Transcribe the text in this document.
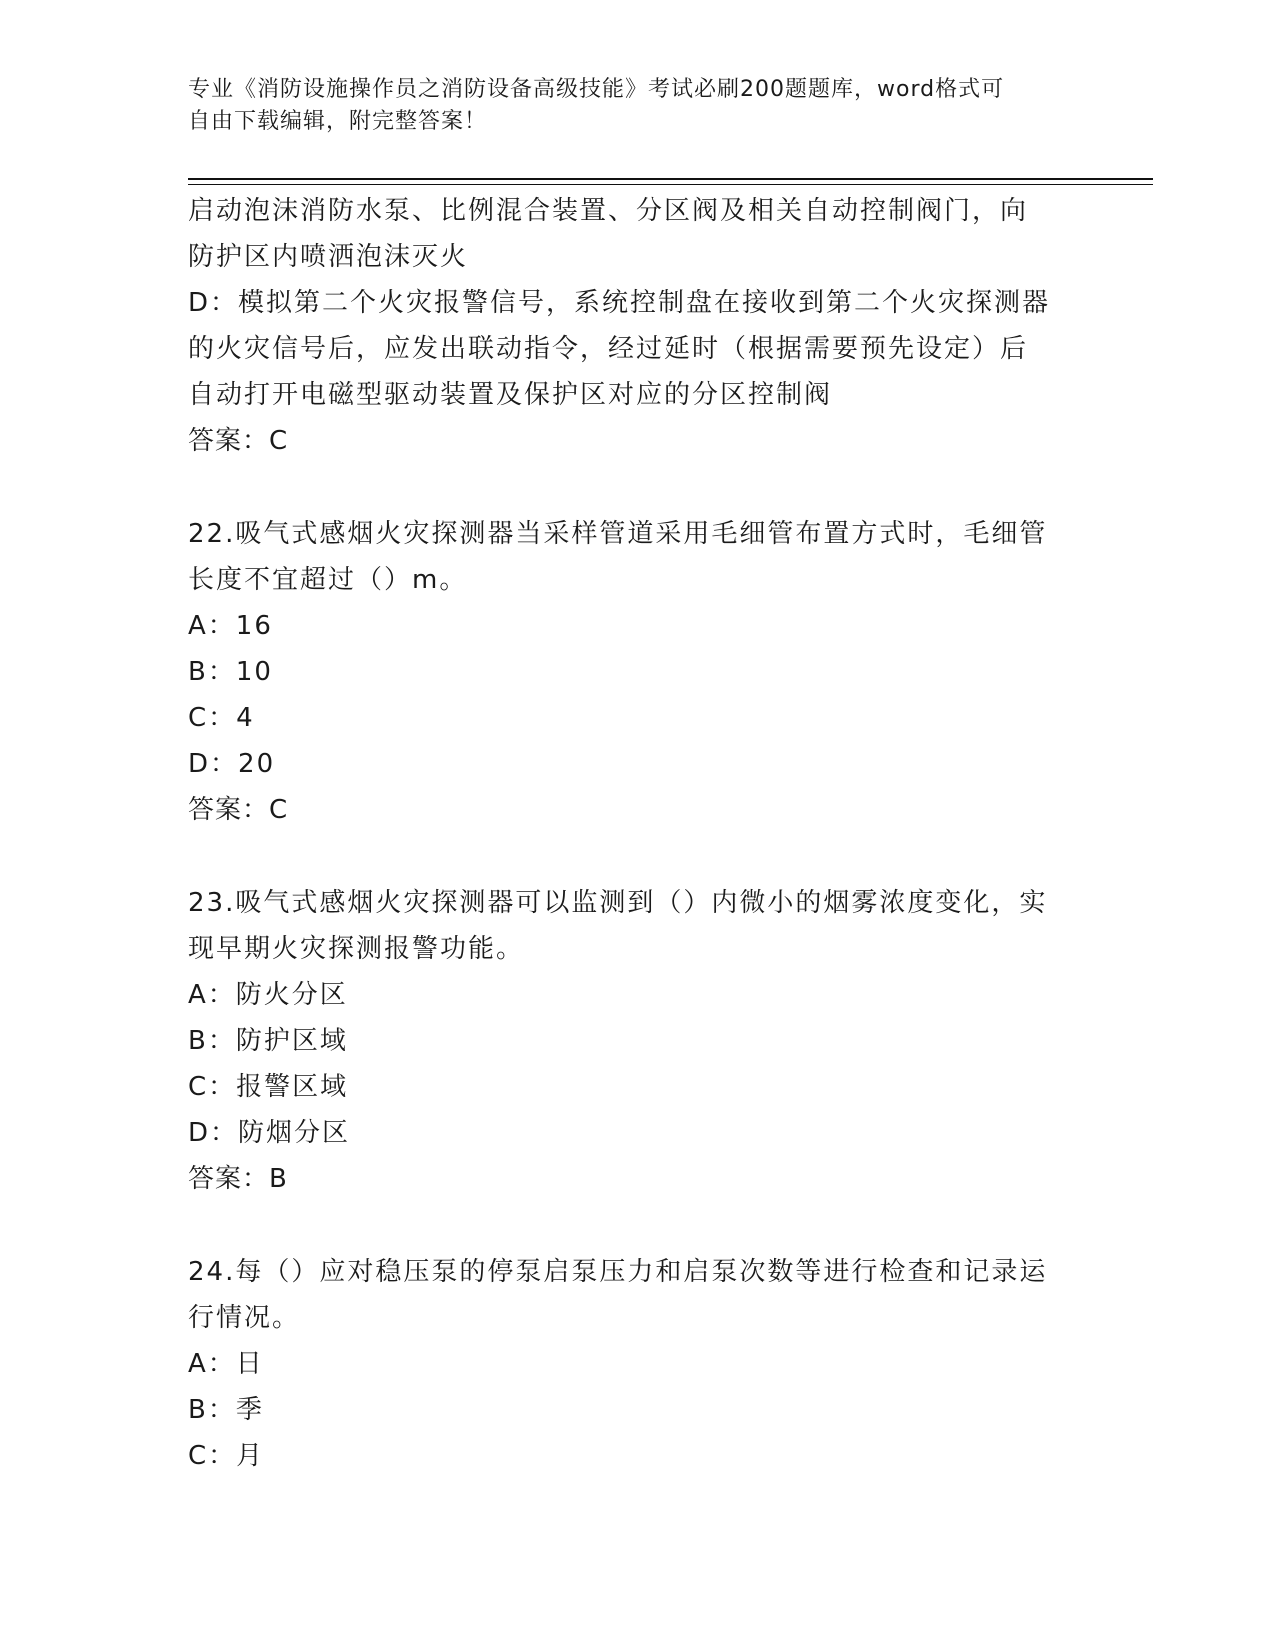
专业《消防设施操作员之消防设备高级技能》考试必刷200题题库，word格式可
自由下载编辑，附完整答案！
启动泡沫消防水泵、比例混合装置、分区阀及相关自动控制阀门，向
防护区内喷洒泡沫灭火
D：模拟第二个火灾报警信号，系统控制盘在接收到第二个火灾探测器
的火灾信号后，应发出联动指令，经过延时（根据需要预先设定）后
自动打开电磁型驱动装置及保护区对应的分区控制阀
答案：C
22.吸气式感烟火灾探测器当采样管道采用毛细管布置方式时，毛细管
长度不宜超过（）m。
A：16
B：10
C：4
D：20
答案：C
23.吸气式感烟火灾探测器可以监测到（）内微小的烟雾浓度变化，实
现早期火灾探测报警功能。
A：防火分区
B：防护区域
C：报警区域
D：防烟分区
答案：B
24.每（）应对稳压泵的停泵启泵压力和启泵次数等进行检查和记录运
行情况。
A：日
B：季
C：月
